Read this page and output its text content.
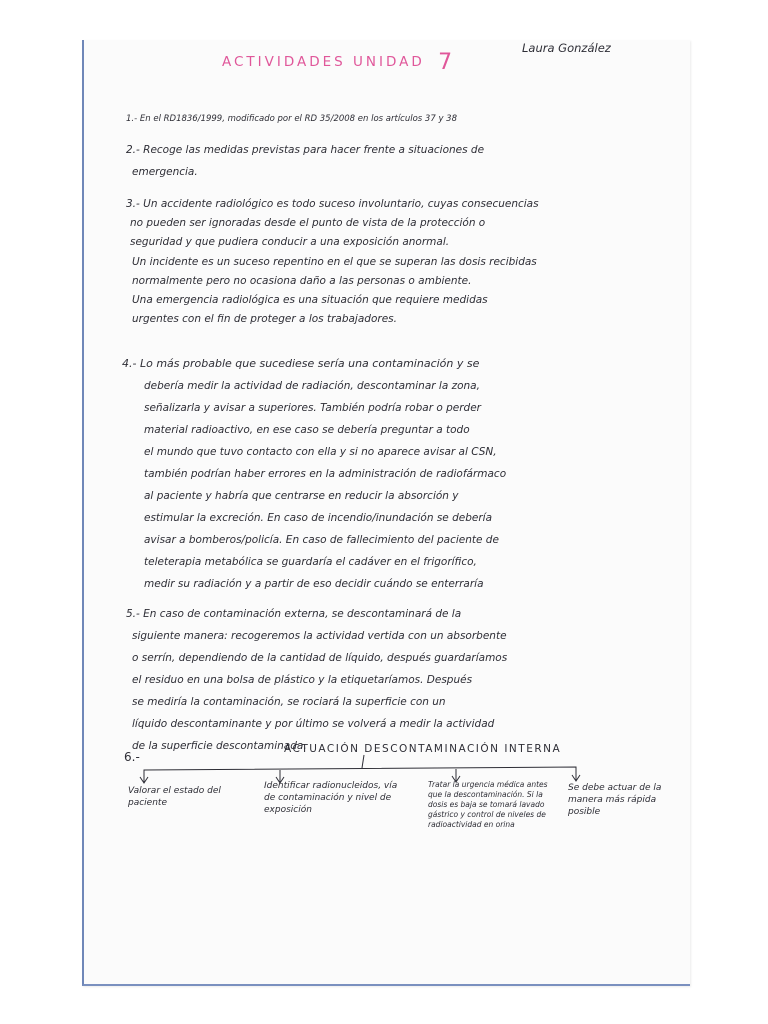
Laura González
ACTIVIDADES UNIDAD 7
1.- En el RD1836/1999, modificado por el RD 35/2008 en los artículos 37 y 38
2.- Recoge las medidas previstas para hacer frente a situaciones de
emergencia.
3.- Un accidente radiológico es todo suceso involuntario, cuyas consecuencias
no pueden ser ignoradas desde el punto de vista de la protección o
seguridad y que pudiera conducir a una exposición anormal.
Un incidente es un suceso repentino en el que se superan las dosis recibidas
normalmente pero no ocasiona daño a las personas o ambiente.
Una emergencia radiológica es una situación que requiere medidas
urgentes con el fin de proteger a los trabajadores.
4.- Lo más probable que sucediese sería una contaminación y se
debería medir la actividad de radiación, descontaminar la zona,
señalizarla y avisar a superiores. También podría robar o perder
material radioactivo, en ese caso se debería preguntar a todo
el mundo que tuvo contacto con ella y si no aparece avisar al CSN,
también podrían haber errores en la administración de radiofármaco
al paciente y habría que centrarse en reducir la absorción y
estimular la excreción. En caso de incendio/inundación se debería
avisar a bomberos/policía. En caso de fallecimiento del paciente de
teleterapia metabólica se guardaría el cadáver en el frigorífico,
medir su radiación y a partir de eso decidir cuándo se enterraría
5.- En caso de contaminación externa, se descontaminará de la
siguiente manera: recogeremos la actividad vertida con un absorbente
o serrín, dependiendo de la cantidad de líquido, después guardaríamos
el residuo en una bolsa de plástico y la etiquetaríamos. Después
se mediría la contaminación, se rociará la superficie con un
líquido descontaminante y por último se volverá a medir la actividad
de la superficie descontaminada.
6.-
ACTUACIÓN DESCONTAMINACIÓN INTERNA
Valorar el estado del paciente
Identificar radionucleidos, vía de contaminación y nivel de exposición
Tratar la urgencia médica antes que la descontaminación. Si la dosis es baja se tomará lavado gástrico y control de niveles de radioactividad en orina
Se debe actuar de la manera más rápida posible
